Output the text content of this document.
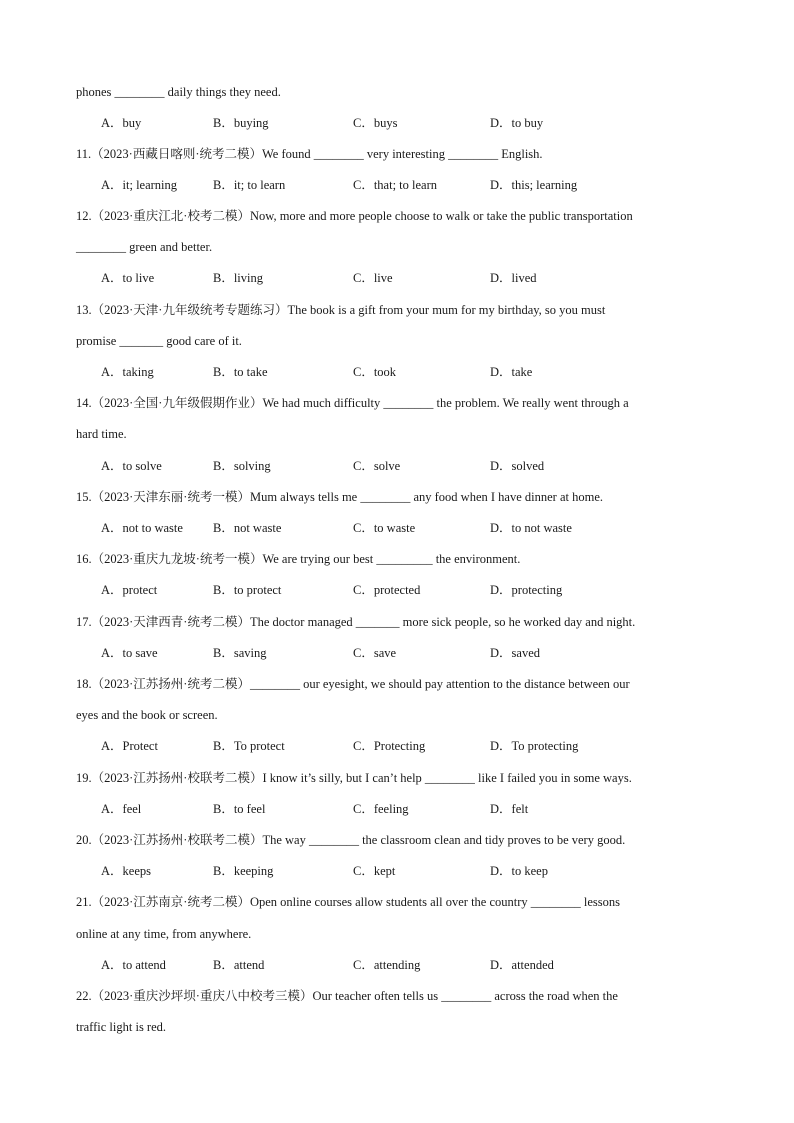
phones ________ daily things they need.
A．buy	B．buying	C．buys	D．to buy
11.（2023·西藏日喀则·统考二模）We found ________ very interesting ________ English.
A．it; learning	B．it; to learn	C．that; to learn	D．this; learning
12.（2023·重庆江北·校考二模）Now, more and more people choose to walk or take the public transportation
________ green and better.
A．to live	B．living	C．live	D．lived
13.（2023·天津·九年级统考专题练习）The book is a gift from your mum for my birthday, so you must
promise _______ good care of it.
A．taking	B．to take	C．took	D．take
14.（2023·全国·九年级假期作业）We had much difficulty ________ the problem. We really went through a
hard time.
A．to solve	B．solving	C．solve	D．solved
15.（2023·天津东丽·统考一模）Mum always tells me ________ any food when I have dinner at home.
A．not to waste B．not waste	C．to waste	D．to not waste
16.（2023·重庆九龙坡·统考一模）We are trying our best _________ the environment.
A．protect	B．to protect	C．protected	D．protecting
17.（2023·天津西青·统考二模）The doctor managed _______ more sick people, so he worked day and night.
A．to save	B．saving	C．save	D．saved
18.（2023·江苏扬州·统考二模）________ our eyesight, we should pay attention to the distance between our
eyes and the book or screen.
A．Protect	B．To protect	C．Protecting	D．To protecting
19.（2023·江苏扬州·校联考二模）I know it’s silly, but I can’t help ________ like I failed you in some ways.
A．feel	B．to feel	C．feeling	D．felt
20.（2023·江苏扬州·校联考二模）The way ________ the classroom clean and tidy proves to be very good.
A．keeps	B．keeping	C．kept	D．to keep
21.（2023·江苏南京·统考二模）Open online courses allow students all over the country ________ lessons
online at any time, from anywhere.
A．to attend	B．attend	C．attending	D．attended
22.（2023·重庆沙坪坝·重庆八中校考三模）Our teacher often tells us ________ across the road when the
traffic light is red.
